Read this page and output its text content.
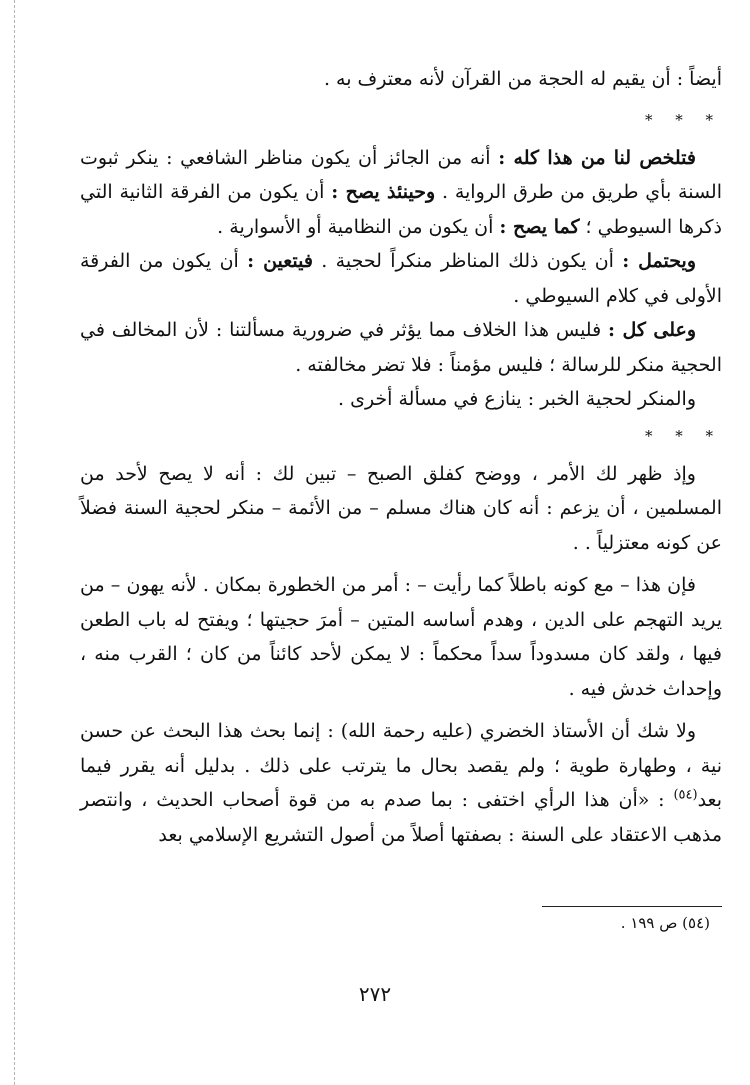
أيضاً : أن يقيم له الحجة من القرآن لأنه معترف به .

* * *

فتلخص لنا من هذا كله : أنه من الجائز أن يكون مناظر الشافعي : ينكر ثبوت السنة بأي طريق من طرق الرواية . وحينئذ يصح : أن يكون من الفرقة الثانية التي ذكرها السيوطي ؛ كما يصح : أن يكون من النظامية أو الأسوارية .

ويحتمل : أن يكون ذلك المناظر منكراً لحجية . فيتعين : أن يكون من الفرقة الأولى في كلام السيوطي .

وعلى كل : فليس هذا الخلاف مما يؤثر في ضرورية مسألتنا : لأن المخالف في الحجية منكر للرسالة ؛ فليس مؤمناً : فلا تضر مخالفته .

والمنكر لحجية الخبر : ينازع في مسألة أخرى .

* * *

وإذ ظهر لك الأمر ، ووضح كفلق الصبح – تبين لك : أنه لا يصح لأحد من المسلمين ، أن يزعم : أنه كان هناك مسلم – من الأئمة – منكر لحجية السنة فضلاً عن كونه معتزلياً . .

فإن هذا – مع كونه باطلاً كما رأيت – : أمر من الخطورة بمكان . لأنه يهون – من يريد التهجم على الدين ، وهدم أساسه المتين – أمرَ حجيتها ؛ ويفتح له باب الطعن فيها ، ولقد كان مسدوداً سداً محكماً : لا يمكن لأحد كائناً من كان ؛ القرب منه ، وإحداث خدش فيه .

ولا شك أن الأستاذ الخضري (عليه رحمة الله) : إنما بحث هذا البحث عن حسن نية ، وطهارة طوية ؛ ولم يقصد بحال ما يترتب على ذلك . بدليل أنه يقرر فيما بعد$^{(٥٤)}$ : «أن هذا الرأي اختفى : بما صدم به من قوة أصحاب الحديث ، وانتصر مذهب الاعتقاد على السنة : بصفتها أصلاً من أصول التشريع الإسلامي بعد

(٥٤) ص ١٩٩ .
٢٧٢
